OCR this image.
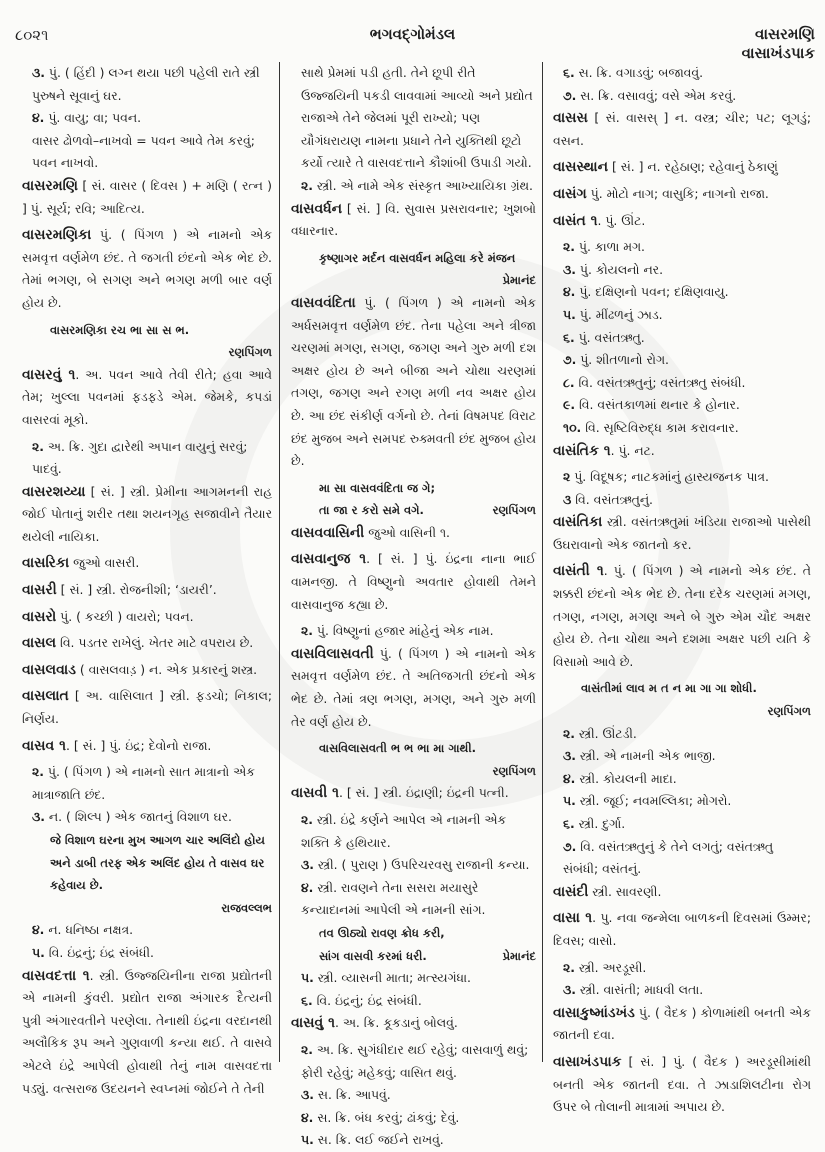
૮૦૨૧	ભગવદ્ગોમંડલ	વાસરમણિ
વાસાખંડપાક
૩. પું. ( હિંદી ) લગ્ન થયા પછી પહેલી રાતે સ્ત્રી પુરુષને સૂવાનું ઘર.
૪. પું. વાયુ; વા; પવન.
વાસર ઢોળવો–નાખવો = પવન આવે તેમ કરવું; પવન નાખવો.
વાસરમણિ [ સં. વાસર ( દિવસ ) + મણિ ( રત્ન ) ] પું. સૂર્ય; રવિ; આદિત્ય.
વાસરમણિકા પું. ( પિંગળ ) એ નામનો એક સમવૃત્ત વર્ણમેળ છંદ. તે જગતી છંદનો એક ભેદ છે. તેમાં ભગણ, બે સગણ અને ભગણ મળી બાર વર્ણ હોય છે.
વાસરમણિકા રચ ભા સા સ ભ.
રણપિંગળ
વાસરવું ૧. અ. પવન આવે તેવી રીતે; હવા આવે તેમ; ખુલ્લા પવનમાં ફડફડે એમ. જેમકે, કપડાં વાસરવાં મૂકો.
૨. અ. ક્રિ. ગુદા દ્વારેથી અપાન વાયુનું સરવું; પાદવું.
વાસરશય્યા [ સં. ] સ્ત્રી. પ્રેમીના આગમનની રાહ જોઈ પોતાનું શરીર તથા શયનગૃહ સજાવીને તૈયાર થયેલી નાયિકા.
વાસરિકા જુઓ વાસરી.
વાસરી [ સં. ] સ્ત્રી. રોજનીશી; ‘ડાયરી’.
વાસરો પું. ( કચ્છી ) વાયરો; પવન.
વાસલ વિ. પડતર રાખેલું. ખેતર માટે વપરાય છે.
વાસલવાડ ( વાસલવાડ઼ ) ન. એક પ્રકારનું શસ્ત્ર.
વાસલાત [ અ. વાસિલાત ] સ્ત્રી. ફડચો; નિકાલ; નિર્ણય.
વાસવ ૧. [ સં. ] પું. ઇંદ્ર; દેવોનો રાજા.
૨. પું. ( પિંગળ ) એ નામનો સાત માત્રાનો એક માત્રાજાતિ છંદ.
૩. ન. ( શિલ્પ ) એક જાતનું વિશાળ ઘર.
જે વિશાળ ઘરના મુખ આગળ ચાર અલિંદો હોય અને ડાબી તરફ એક અલિંદ હોય તે વાસવ ઘર કહેવાય છે.
રાજવલ્લભ
૪. ન. ધનિષ્ઠા નક્ષત્ર.
૫. વિ. ઇંદ્રનું; ઇંદ્ર સંબંધી.
વાસવદત્તા ૧. સ્ત્રી. ઉજ્જયિનીના રાજા પ્રદ્યોતની એ નામની કુંવરી. પ્રદ્યોત રાજા અંગારક દૈત્યની પુત્રી અંગારવતીને પરણેલા. તેનાથી ઇંદ્રના વરદાનથી અલૌકિક રૂપ અને ગુણવાળી કન્યા થઈ. તે વાસવે એટલે ઇંદ્રે આપેલી હોવાથી તેનું નામ વાસવદત્તા પડ્યું. વત્સરાજ ઉદયનને સ્વપ્નમાં જોઈને તે તેની
સાથે પ્રેમમાં પડી હતી. તેને છૂપી રીતે ઉજ્જયિની પકડી લાવવામાં આવ્યો અને પ્રદ્યોત રાજાએ તેને જેલમાં પૂરી રાખ્યો; પણ યૌગંધરાયણ નામના પ્રધાને તેને યુક્તિથી છૂટો કર્યો ત્યારે તે વાસવદત્તાને કૌશાંબી ઉપાડી ગયો.
૨. સ્ત્રી. એ નામે એક સંસ્કૃત આખ્યાયિકા ગ્રંથ.
વાસવર્ધન [ સં. ] વિ. સુવાસ પ્રસરાવનાર; ખુશબો વધારનાર.
કૃષ્ણાગર મર્દન વાસવર્ધન મહિલા કરે મંજન
પ્રેમાનંદ
વાસવવંદિતા પું. ( પિંગળ ) એ નામનો એક અર્ધસમવૃત્ત વર્ણમેળ છંદ. તેના પહેલા અને ત્રીજા ચરણમાં મગણ, સગણ, જગણ અને ગુરુ મળી દશ અક્ષર હોય છે અને બીજા અને ચોથા ચરણમાં તગણ, જગણ અને રગણ મળી નવ અક્ષર હોય છે. આ છંદ સંકીર્ણ વર્ગનો છે. તેનાં વિષમપદ વિરાટ છંદ મુજબ અને સમપદ રુક્મવતી છંદ મુજબ હોય છે.
મા સા વાસવવંદિતા જ ગે;
તા જા ર કરો સમે વગે.	રણપિંગળ
વાસવવાસિની જુઓ વાસિની ૧.
વાસવાનુજ ૧. [ સં. ] પું. ઇંદ્રના નાના ભાઈ વામનજી. તે વિષ્ણુનો અવતાર હોવાથી તેમને વાસવાનુજ કહ્યા છે.
૨. પું. વિષ્ણુનાં હજાર માંહેનું એક નામ.
વાસવિલાસવતી પું. ( પિંગળ ) એ નામનો એક સમવૃત્ત વર્ણમેળ છંદ. તે અતિજગતી છંદનો એક ભેદ છે. તેમાં ત્રણ ભગણ, મગણ, અને ગુરુ મળી તેર વર્ણ હોય છે.
વાસવિલાસવતી ભ ભ ભા મા ગાથી.
રણપિંગળ
વાસવી ૧. [ સં. ] સ્ત્રી. ઇંદ્રાણી; ઇંદ્રની પત્ની.
૨. સ્ત્રી. ઇંદ્રે કર્ણને આપેલ એ નામની એક શક્તિ કે હથિયાર.
૩. સ્ત્રી. ( પુરાણ ) ઉપરિચરવસુ રાજાની કન્યા.
૪. સ્ત્રી. રાવણને તેના સસરા મયાસુરે કન્યાદાનમાં આપેલી એ નામની સાંગ.
તવ ઊઠ્યો રાવણ ક્રોધ કરી,
સાંગ વાસવી કરમાં ધરી.	પ્રેમાનંદ
૫. સ્ત્રી. વ્યાસની માતા; મત્સ્યગંધા.
૬. વિ. ઇંદ્રનું; ઇંદ્ર સંબંધી.
વાસવું ૧. અ. ક્રિ. કૂકડાનું બોલવું.
૨. અ. ક્રિ. સુગંધીદાર થઈ રહેવું; વાસવાળું થવું; ફોરી રહેવું; મહેકવું; વાસિત થવું.
૩. સ. ક્રિ. આપવું.
૪. સ. ક્રિ. બંધ કરવું; ઢાંકવું; દેવું.
૫. સ. ક્રિ. લઈ જઈને રાખવું.
૬. સ. ક્રિ. વગાડવું; બજાવવું.
૭. સ. ક્રિ. વસાવવું; વસે એમ કરવું.
વાસસ [ સં. વાસસ્ ] ન. વસ્ત્ર; ચીર; પટ; લૂગડું; વસન.
વાસસ્થાન [ સં. ] ન. રહેઠાણ; રહેવાનું ઠેકાણું
વાસંગ પું. મોટો નાગ; વાસુકિ; નાગનો રાજા.
વાસંત ૧. પું. ઊંટ.
૨. પું. કાળા મગ.
૩. પું. કોયલનો નર.
૪. પું. દક્ષિણનો પવન; દક્ષિણવાયુ.
૫. પું. મીંઢળનું ઝાડ.
૬. પું. વસંતઋતુ.
૭. પું. શીતળાનો રોગ.
૮. વિ. વસંતઋતુનું; વસંતઋતુ સંબંધી.
૯. વિ. વસંતકાળમાં થનાર કે હોનાર.
૧૦. વિ. સૃષ્ટિવિરુદ્ધ કામ કરાવનાર.
વાસંતિક ૧. પું. નટ.
૨ પું. વિદૂષક; નાટકમાંનું હાસ્યજનક પાત્ર.
૩ વિ. વસંતઋતુનું.
વાસંતિકા સ્ત્રી. વસંતઋતુમાં ખંડિયા રાજાઓ પાસેથી ઉઘરાવાનો એક જાતનો કર.
વાસંતી ૧. પું. ( પિંગળ ) એ નામનો એક છંદ. તે શક્કરી છંદનો એક ભેદ છે. તેના દરેક ચરણમાં મગણ, તગણ, નગણ, મગણ અને બે ગુરુ એમ ચૌદ અક્ષર હોય છે. તેના ચોથા અને દશમા અક્ષર પછી યતિ કે વિસામો આવે છે.
વાસંતીમાં લાવ મ ત ન મા ગા ગા શોધી.
રણપિંગળ
૨. સ્ત્રી. ઊંટડી.
૩. સ્ત્રી. એ નામની એક ભાજી.
૪. સ્ત્રી. કોયલની માદા.
૫. સ્ત્રી. જૂઈ; નવમલ્લિકા; મોગરો.
૬. સ્ત્રી. દુર્ગા.
૭. વિ. વસંતઋતુનું કે તેને લગતું; વસંતઋતુ સંબંધી; વસંતનું.
વાસંદી સ્ત્રી. સાવરણી.
વાસા ૧. પુ. નવા જન્મેલા બાળકની દિવસમાં ઉમ્મર; દિવસ; વાસો.
૨. સ્ત્રી. અરડૂસી.
૩. સ્ત્રી. વાસંતી; માધવી લતા.
વાસાકુષ્માંડખંડ પું. ( વૈદક ) કોળામાંથી બનતી એક જાતની દવા.
વાસાખંડપાક [ સં. ] પું. ( વૈદક ) અરડૂસીમાંથી બનતી એક જાતની દવા. તે ઝાડાશિલટીના રોગ ઉપર બે તોલાની માત્રામાં અપાય છે.
